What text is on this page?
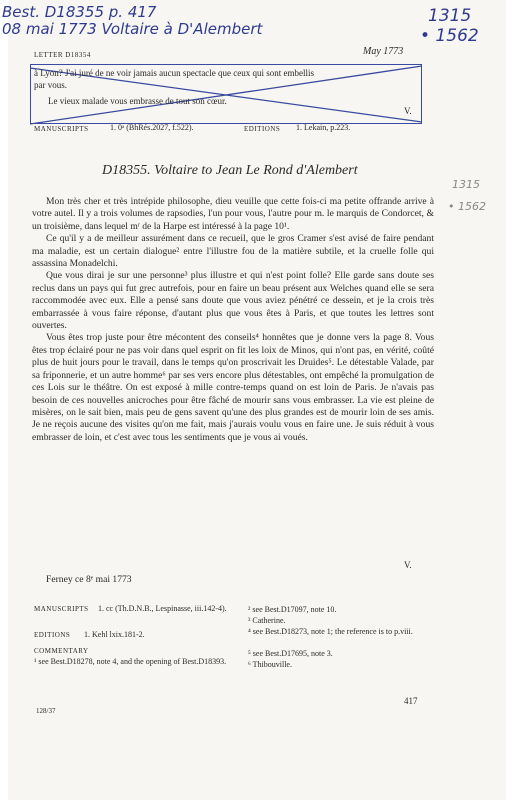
Best. D18355 p. 417
08 mai 1773 Voltaire à D'Alembert
1315
• 1562
LETTER D18354	May 1773
à Lyon? J'ai juré de ne voir jamais aucun spectacle que ceux qui sont embellis
par vous.
Le vieux malade vous embrasse de tout son cœur.
V.
MANUSCRIPTS	1. 0ᵃ (BhRés.2027, f.522).	EDITIONS 1. Lekain, p.223.
D18355. Voltaire to Jean Le Rond d'Alembert
1315
• 1562

Mon très cher et très intrépide philosophe, dieu veuille que cette fois-ci ma petite offrande arrive à votre autel. Il y a trois volumes de rapsodies, l'un pour vous, l'autre pour m. le marquis de Condorcet, & un troisième, dans lequel mʳ de la Harpe est intéressé à la page 10¹.

Ce qu'il y a de meilleur assurément dans ce recueil, que le gros Cramer s'est avisé de faire pendant ma maladie, est un certain dialogue² entre l'illustre fou de la matière subtile, et la cruelle folle qui assassina Monadelchi.

Que vous dirai je sur une personne³ plus illustre et qui n'est point folle? Elle garde sans doute ses reclus dans un pays qui fut grec autrefois, pour en faire un beau présent aux Welches quand elle se sera raccommodée avec eux. Elle a pensé sans doute que vous aviez pénétré ce dessein, et je la crois très embarrassée à vous faire réponse, d'autant plus que vous êtes à Paris, et que toutes les lettres sont ouvertes.

Vous êtes trop juste pour être mécontent des conseils⁴ honnêtes que je donne vers la page 8. Vous êtes trop éclairé pour ne pas voir dans quel esprit on fit les loix de Minos, qui n'ont pas, en vérité, coûté plus de huit jours pour le travail, dans le temps qu'on proscrivait les Druides⁵. Le détestable Valade, par sa friponnerie, et un autre homme⁶ par ses vers encore plus détestables, ont empêché la promulgation de ces Lois sur le théâtre. On est exposé à mille contre-temps quand on est loin de Paris. Je n'avais pas besoin de ces nouvelles anicroches pour être fâché de mourir sans vous embrasser. La vie est pleine de misères, on le sait bien, mais peu de gens savent qu'une des plus grandes est de mourir loin de ses amis. Je ne reçois aucune des visites qu'on me fait, mais j'aurais voulu vous en faire une. Je suis réduit à vous embrasser de loin, et c'est avec tous les sentiments que je vous ai voués.

V.
Ferney ce 8ᵉ mai 1773
MANUSCRIPTS 1. cc (Th.D.N.B., Lespinasse, iii.142-4).
EDITIONS 1. Kehl lxix.181-2.
COMMENTARY
¹ see Best.D18278, note 4, and the opening of Best.D18393.
² see Best.D17097, note 10.
³ Catherine.
⁴ see Best.D18273, note 1; the reference is to p.viii.
⁵ see Best.D17695, note 3.
⁶ Thibouville.
128/37
417
